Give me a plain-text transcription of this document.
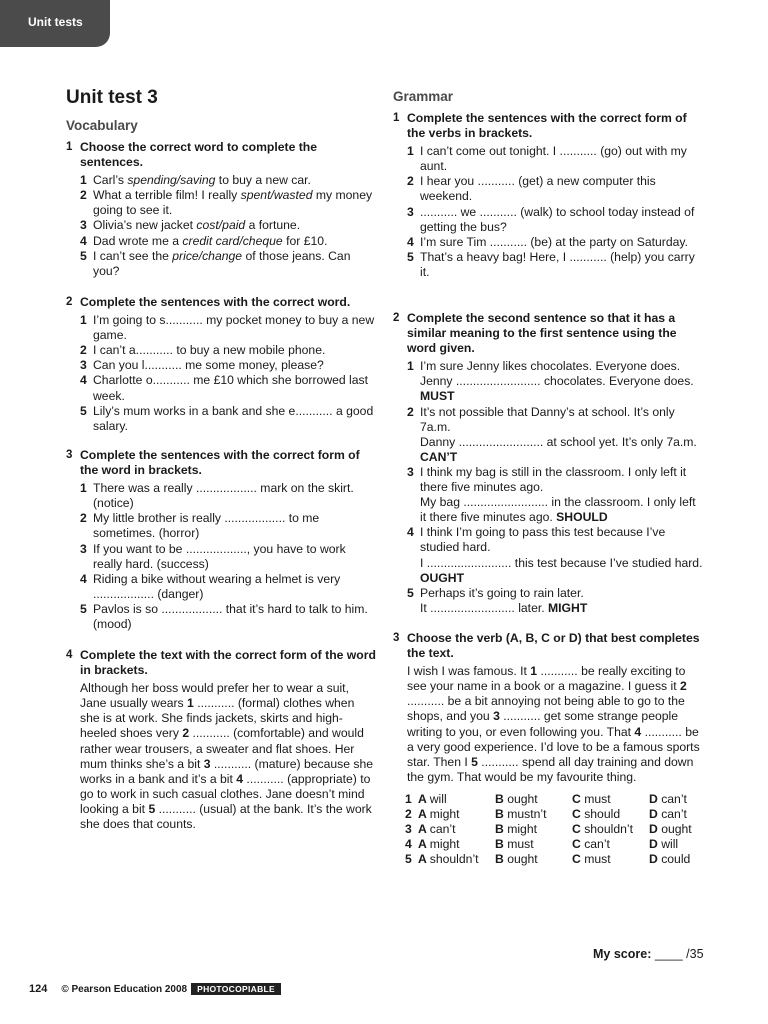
Unit tests
Unit test 3
Vocabulary
1 Choose the correct word to complete the sentences.
1 Carl’s spending/saving to buy a new car.
2 What a terrible film! I really spent/wasted my money going to see it.
3 Olivia’s new jacket cost/paid a fortune.
4 Dad wrote me a credit card/cheque for £10.
5 I can’t see the price/change of those jeans. Can you?
2 Complete the sentences with the correct word.
1 I’m going to s........... my pocket money to buy a new game.
2 I can’t a........... to buy a new mobile phone.
3 Can you l........... me some money, please?
4 Charlotte o........... me £10 which she borrowed last week.
5 Lily’s mum works in a bank and she e........... a good salary.
3 Complete the sentences with the correct form of the word in brackets.
1 There was a really .................. mark on the skirt. (notice)
2 My little brother is really .................. to me sometimes. (horror)
3 If you want to be .................., you have to work really hard. (success)
4 Riding a bike without wearing a helmet is very .................. (danger)
5 Pavlos is so .................. that it’s hard to talk to him. (mood)
4 Complete the text with the correct form of the word in brackets.
Although her boss would prefer her to wear a suit, Jane usually wears 1 ........... (formal) clothes when she is at work. She finds jackets, skirts and high-heeled shoes very 2 ........... (comfortable) and would rather wear trousers, a sweater and flat shoes. Her mum thinks she’s a bit 3 ........... (mature) because she works in a bank and it’s a bit 4 ........... (appropriate) to go to work in such casual clothes. Jane doesn’t mind looking a bit 5 ........... (usual) at the bank. It’s the work she does that counts.
Grammar
1 Complete the sentences with the correct form of the verbs in brackets.
1 I can’t come out tonight. I ........... (go) out with my aunt.
2 I hear you ........... (get) a new computer this weekend.
3 ........... we ........... (walk) to school today instead of getting the bus?
4 I’m sure Tim ........... (be) at the party on Saturday.
5 That’s a heavy bag! Here, I ........... (help) you carry it.
2 Complete the second sentence so that it has a similar meaning to the first sentence using the word given.
1 I’m sure Jenny likes chocolates. Everyone does.
Jenny ......................... chocolates. Everyone does. MUST
2 It’s not possible that Danny’s at school. It’s only 7a.m.
Danny ......................... at school yet. It’s only 7a.m. CAN’T
3 I think my bag is still in the classroom. I only left it there five minutes ago.
My bag ......................... in the classroom. I only left it there five minutes ago. SHOULD
4 I think I’m going to pass this test because I’ve studied hard.
I ......................... this test because I’ve studied hard. OUGHT
5 Perhaps it’s going to rain later.
It ......................... later. MIGHT
3 Choose the verb (A, B, C or D) that best completes the text.
I wish I was famous. It 1 ........... be really exciting to see your name in a book or a magazine. I guess it 2 ........... be a bit annoying not being able to go to the shops, and you 3 ........... get some strange people writing to you, or even following you. That 4 ........... be a very good experience. I’d love to be a famous sports star. Then I 5 ........... spend all day training and down the gym. That would be my favourite thing.
1	A will	B ought	C must	D can’t
2	A might	B mustn’t	C should	D can’t
3	A can’t	B might	C shouldn’t	D ought
4	A might	B must	C can’t	D will
5	A shouldn’t	B ought	C must	D could
My score: ____ /35
124 © Pearson Education 2008	PHOTOCOPIABLE
